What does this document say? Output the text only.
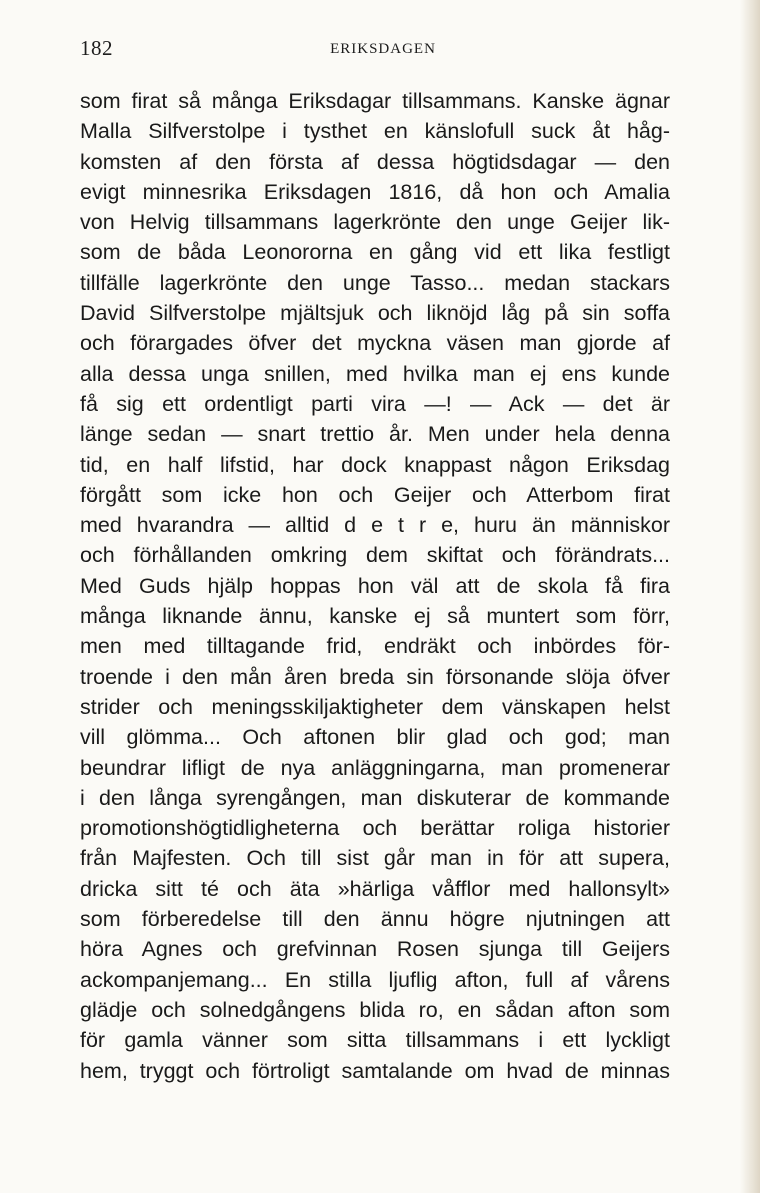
182	ERIKSDAGEN
som firat så många Eriksdagar tillsammans. Kanske ägnar
Malla Silfverstolpe i tysthet en känslofull suck åt håg-
komsten af den första af dessa högtidsdagar — den
evigt minnesrika Eriksdagen 1816, då hon och Amalia
von Helvig tillsammans lagerkrönte den unge Geijer lik-
som de båda Leonororna en gång vid ett lika festligt
tillfälle lagerkrönte den unge Tasso... medan stackars
David Silfverstolpe mjältsjuk och liknöjd låg på sin soffa
och förargades öfver det myckna väsen man gjorde af
alla dessa unga snillen, med hvilka man ej ens kunde
få sig ett ordentligt parti vira —! — Ack — det är
länge sedan — snart trettio år. Men under hela denna
tid, en half lifstid, har dock knappast någon Eriksdag
förgått som icke hon och Geijer och Atterbom firat
med hvarandra — alltid d e t r e, huru än människor
och förhållanden omkring dem skiftat och förändrats...
Med Guds hjälp hoppas hon väl att de skola få fira
många liknande ännu, kanske ej så muntert som förr,
men med tilltagande frid, endräkt och inbördes för-
troende i den mån åren breda sin försonande slöja öfver
strider och meningsskiljaktigheter dem vänskapen helst
vill glömma... Och aftonen blir glad och god; man
beundrar lifligt de nya anläggningarna, man promenerar
i den långa syrengången, man diskuterar de kommande
promotionshögtidligheterna och berättar roliga historier
från Majfesten. Och till sist går man in för att supera,
dricka sitt té och äta »härliga våfflor med hallonsylt»
som förberedelse till den ännu högre njutningen att
höra Agnes och grefvinnan Rosen sjunga till Geijers
ackompanjemang... En stilla ljuflig afton, full af vårens
glädje och solnedgångens blida ro, en sådan afton som
för gamla vänner som sitta tillsammans i ett lyckligt
hem, tryggt och förtroligt samtalande om hvad de minnas
